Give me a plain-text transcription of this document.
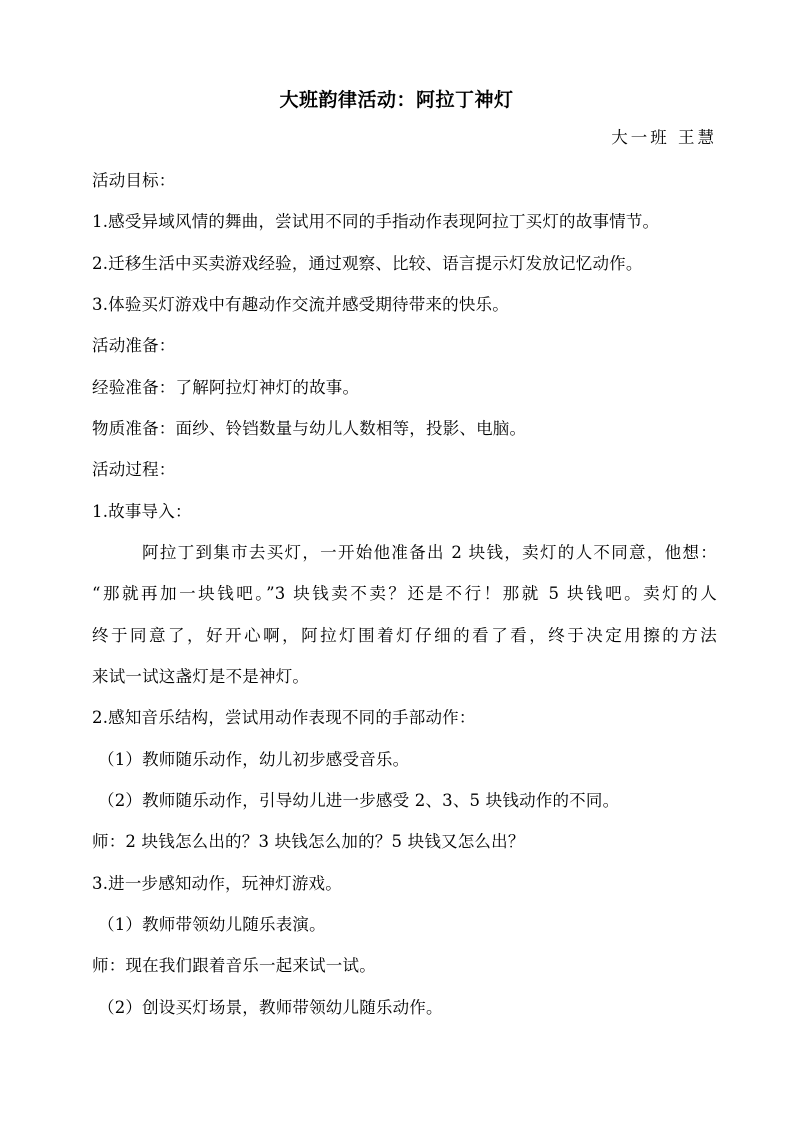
大班韵律活动：阿拉丁神灯
大一班 王慧
活动目标：
1.感受异域风情的舞曲，尝试用不同的手指动作表现阿拉丁买灯的故事情节。
2.迁移生活中买卖游戏经验，通过观察、比较、语言提示灯发放记忆动作。
3.体验买灯游戏中有趣动作交流并感受期待带来的快乐。
活动准备：
经验准备：了解阿拉灯神灯的故事。
物质准备：面纱、铃铛数量与幼儿人数相等，投影、电脑。
活动过程：
1.故事导入：
阿拉丁到集市去买灯，一开始他准备出 2 块钱，卖灯的人不同意，他想：
“那就再加一块钱吧。”3 块钱卖不卖？还是不行！那就 5 块钱吧。卖灯的人
终于同意了，好开心啊，阿拉灯围着灯仔细的看了看，终于决定用擦的方法
来试一试这盏灯是不是神灯。
2.感知音乐结构，尝试用动作表现不同的手部动作：
（1）教师随乐动作，幼儿初步感受音乐。
（2）教师随乐动作，引导幼儿进一步感受 2、3、5 块钱动作的不同。
师：2 块钱怎么出的？3 块钱怎么加的？5 块钱又怎么出？
3.进一步感知动作，玩神灯游戏。
（1）教师带领幼儿随乐表演。
师：现在我们跟着音乐一起来试一试。
（2）创设买灯场景，教师带领幼儿随乐动作。
